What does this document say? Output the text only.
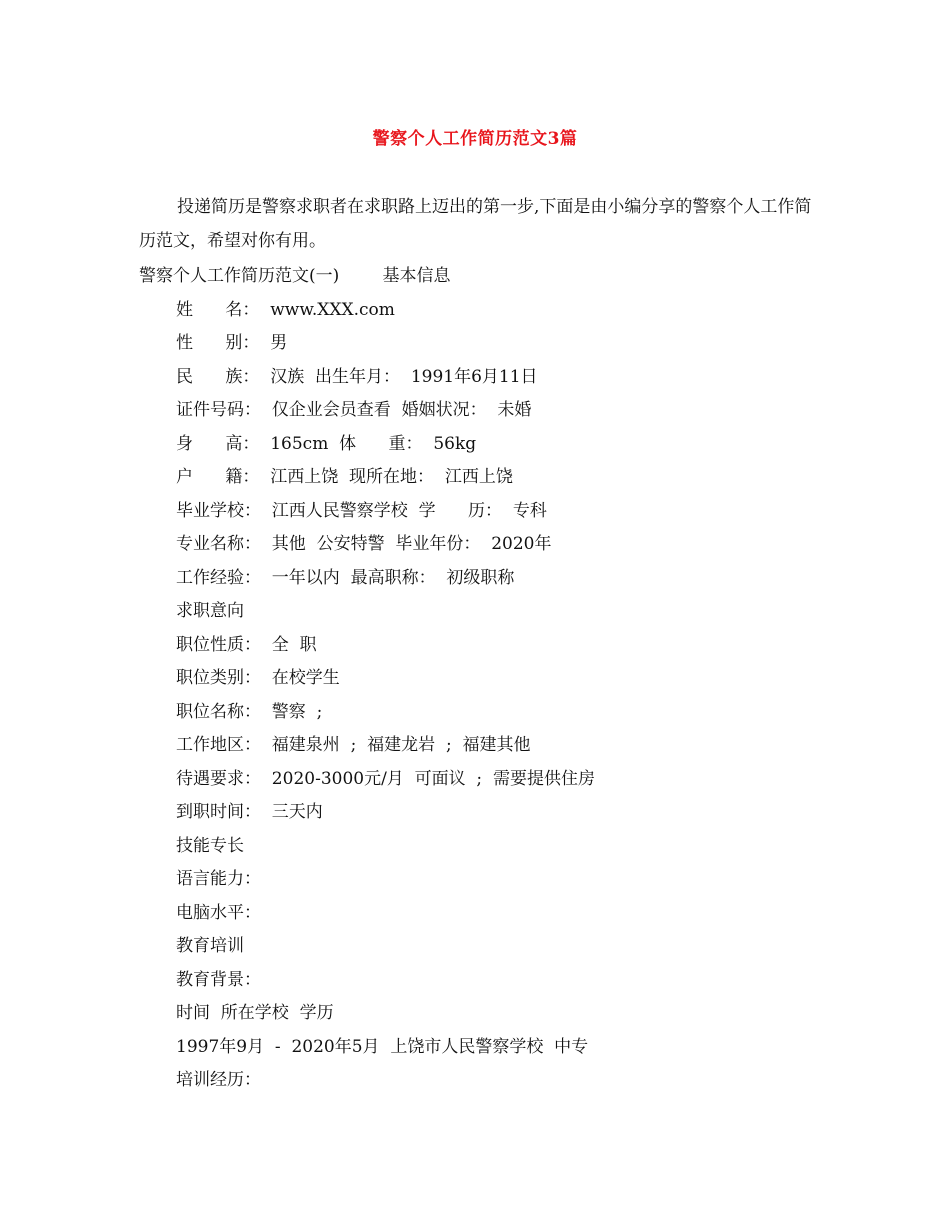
警察个人工作简历范文3篇

投递简历是警察求职者在求职路上迈出的第一步,下面是由小编分享的警察个人工作简历范文，希望对你有用。

警察个人工作简历范文(一)        基本信息
姓      名：  www.XXX.com
性      别：  男
民      族：  汉族  出生年月：  1991年6月11日
证件号码：  仅企业会员查看  婚姻状况：  未婚
身      高：  165cm  体      重：  56kg
户      籍：  江西上饶  现所在地：  江西上饶
毕业学校：  江西人民警察学校  学      历：  专科
专业名称：  其他  公安特警  毕业年份：  2020年
工作经验：  一年以内  最高职称：  初级职称
求职意向
职位性质：  全  职
职位类别：  在校学生
职位名称：  警察  ;
工作地区：  福建泉州  ;  福建龙岩  ;  福建其他
待遇要求：  2020-3000元/月  可面议  ;  需要提供住房
到职时间：  三天内
技能专长
语言能力：
电脑水平：
教育培训
教育背景：
时间  所在学校  学历
1997年9月  -  2020年5月  上饶市人民警察学校  中专
培训经历：
